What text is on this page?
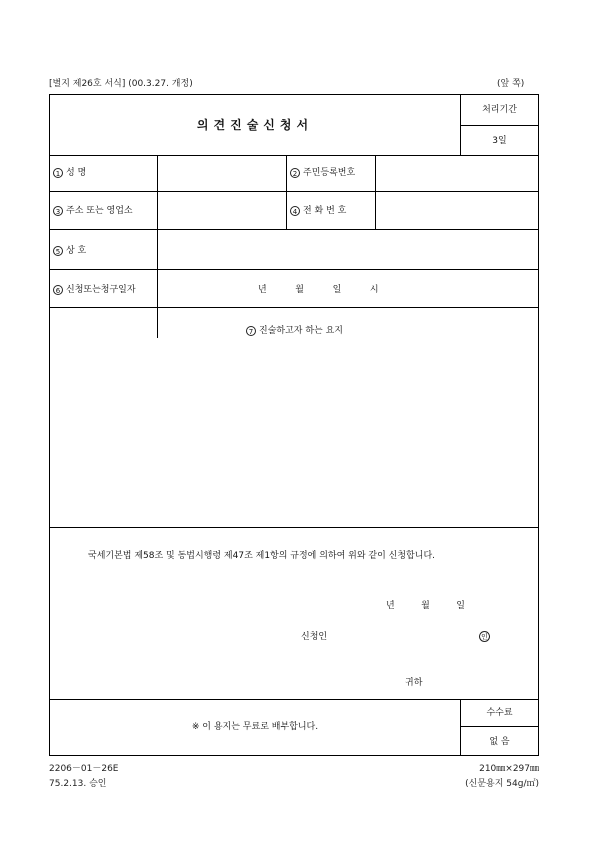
[별지 제26호 서식] (00.3.27. 개정)	(앞 쪽)
의견진술신청서
처리기간
3일
1 성 명	2 주민등록번호
3 주소 또는 영업소	4 전 화 번 호
5 상 호
6 신청또는청구일자	년          월          일          시
7 진술하고자 하는 요지
국세기본법 제58조 및 동법시행령 제47조 제1항의 규정에 의하여 위와 같이 신청합니다.
년    월    일
신청인	인
귀하
※ 이 용지는 무료로 배부합니다.
수수료
없 음
2206－01－26E
75.2.13. 승인
210㎜×297㎜
(신문용지 54g/㎡)
